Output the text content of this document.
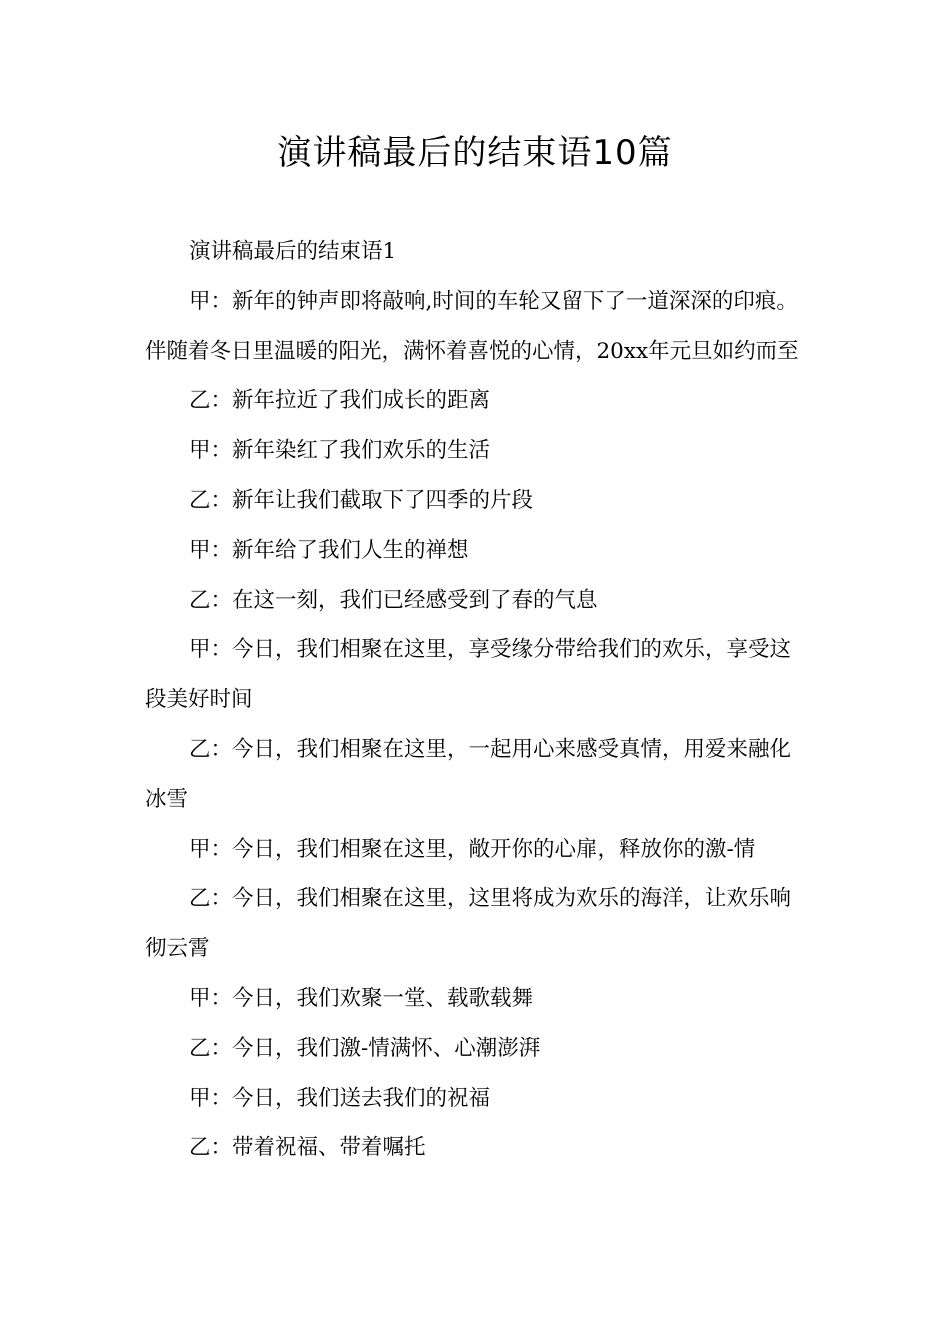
演讲稿最后的结束语10篇

演讲稿最后的结束语1

甲：新年的钟声即将敲响,时间的车轮又留下了一道深深的印痕。伴随着冬日里温暖的阳光，满怀着喜悦的心情，20xx年元旦如约而至

乙：新年拉近了我们成长的距离

甲：新年染红了我们欢乐的生活

乙：新年让我们截取下了四季的片段

甲：新年给了我们人生的禅想

乙：在这一刻，我们已经感受到了春的气息

甲：今日，我们相聚在这里，享受缘分带给我们的欢乐，享受这段美好时间

乙：今日，我们相聚在这里，一起用心来感受真情，用爱来融化冰雪

甲：今日，我们相聚在这里，敞开你的心扉，释放你的激-情

乙：今日，我们相聚在这里，这里将成为欢乐的海洋，让欢乐响彻云霄

甲：今日，我们欢聚一堂、载歌载舞

乙：今日，我们激-情满怀、心潮澎湃

甲：今日，我们送去我们的祝福

乙：带着祝福、带着嘱托
